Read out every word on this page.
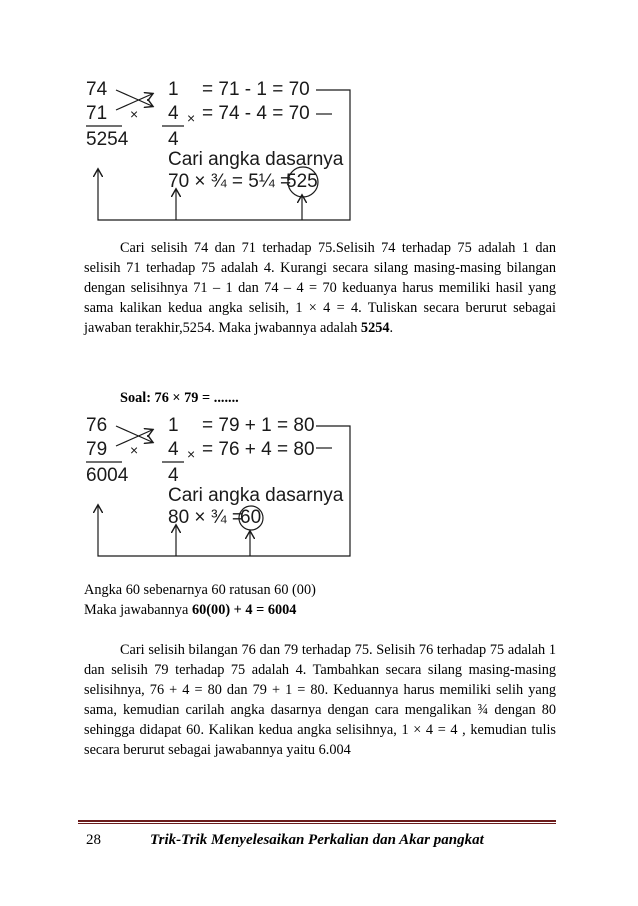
74
71
5254
×
1
4
4
×
= 71 - 1 = 70
= 74 - 4 = 70
Cari angka dasarnya
70 × ¾ = 5¼ =
525
Cari selisih 74 dan 71 terhadap 75.Selisih 74 terhadap 75 adalah 1 dan selisih 71 terhadap 75 adalah 4. Kurangi secara silang masing-masing bilangan dengan selisihnya 71 – 1 dan 74 – 4 = 70 keduanya harus memiliki hasil yang sama kalikan kedua angka selisih, 1 × 4 = 4. Tuliskan secara berurut sebagai jawaban terakhir,5254. Maka jwabannya adalah 5254.
Soal: 76 × 79 = .......
76
79
6004
×
1
4
4
×
= 79 + 1 = 80
= 76 + 4 = 80
Cari angka dasarnya
80 × ¾ =
60
Angka 60 sebenarnya 60 ratusan 60 (00)
Maka jawabannya 60(00) + 4 = 6004
Cari selisih bilangan 76 dan 79 terhadap 75. Selisih 76 terhadap 75 adalah 1 dan selisih 79 terhadap 75 adalah 4. Tambahkan secara silang masing-masing selisihnya, 76 + 4 = 80 dan 79 + 1 = 80. Keduannya harus memiliki selih yang sama, kemudian carilah angka dasarnya dengan cara mengalikan ¾ dengan 80 sehingga didapat 60. Kalikan kedua angka selisihnya, 1 × 4 = 4 , kemudian tulis secara berurut sebagai jawabannya yaitu 6.004
28	Trik-Trik Menyelesaikan Perkalian dan Akar pangkat
